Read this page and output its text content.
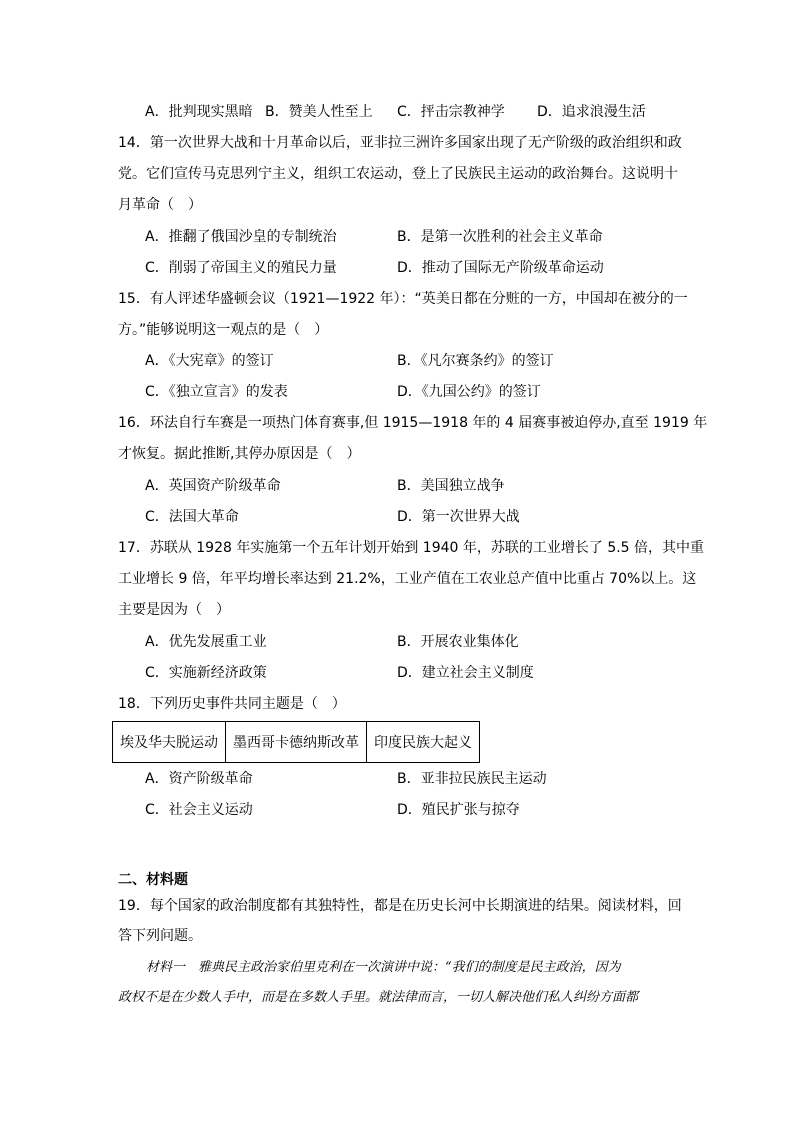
A．批判现实黑暗 B．赞美人性至上 C．抨击宗教神学 D．追求浪漫生活
14．第一次世界大战和十月革命以后，亚非拉三洲许多国家出现了无产阶级的政治组织和政
党。它们宣传马克思列宁主义，组织工农运动，登上了民族民主运动的政治舞台。这说明十
月革命（　）
A．推翻了俄国沙皇的专制统治	B．是第一次胜利的社会主义革命
C．削弱了帝国主义的殖民力量	D．推动了国际无产阶级革命运动
15．有人评述华盛顿会议（1921—1922 年）：“英美日都在分赃的一方，中国却在被分的一
方。”能够说明这一观点的是（　）
A．《大宪章》的签订	B．《凡尔赛条约》的签订
C．《独立宣言》的发表	D．《九国公约》的签订
16．环法自行车赛是一项热门体育赛事,但 1915—1918 年的 4 届赛事被迫停办,直至 1919 年
才恢复。据此推断,其停办原因是（　）
A．英国资产阶级革命	B．美国独立战争
C．法国大革命	D．第一次世界大战
17．苏联从 1928 年实施第一个五年计划开始到 1940 年，苏联的工业增长了 5.5 倍，其中重
工业增长 9 倍，年平均增长率达到 21.2%，工业产值在工农业总产值中比重占 70%以上。这
主要是因为（　）
A．优先发展重工业	B．开展农业集体化
C．实施新经济政策	D．建立社会主义制度
18．下列历史事件共同主题是（　）
埃及华夫脱运动	墨西哥卡德纳斯改革	印度民族大起义
A．资产阶级革命	B．亚非拉民族民主运动
C．社会主义运动	D．殖民扩张与掠夺
二、材料题
19．每个国家的政治制度都有其独特性，都是在历史长河中长期演进的结果。阅读材料，回
答下列问题。
材料一　雅典民主政治家伯里克利在一次演讲中说：“我们的制度是民主政治，因为
政权不是在少数人手中，而是在多数人手里。就法律而言，一切人解决他们私人纠纷方面都
